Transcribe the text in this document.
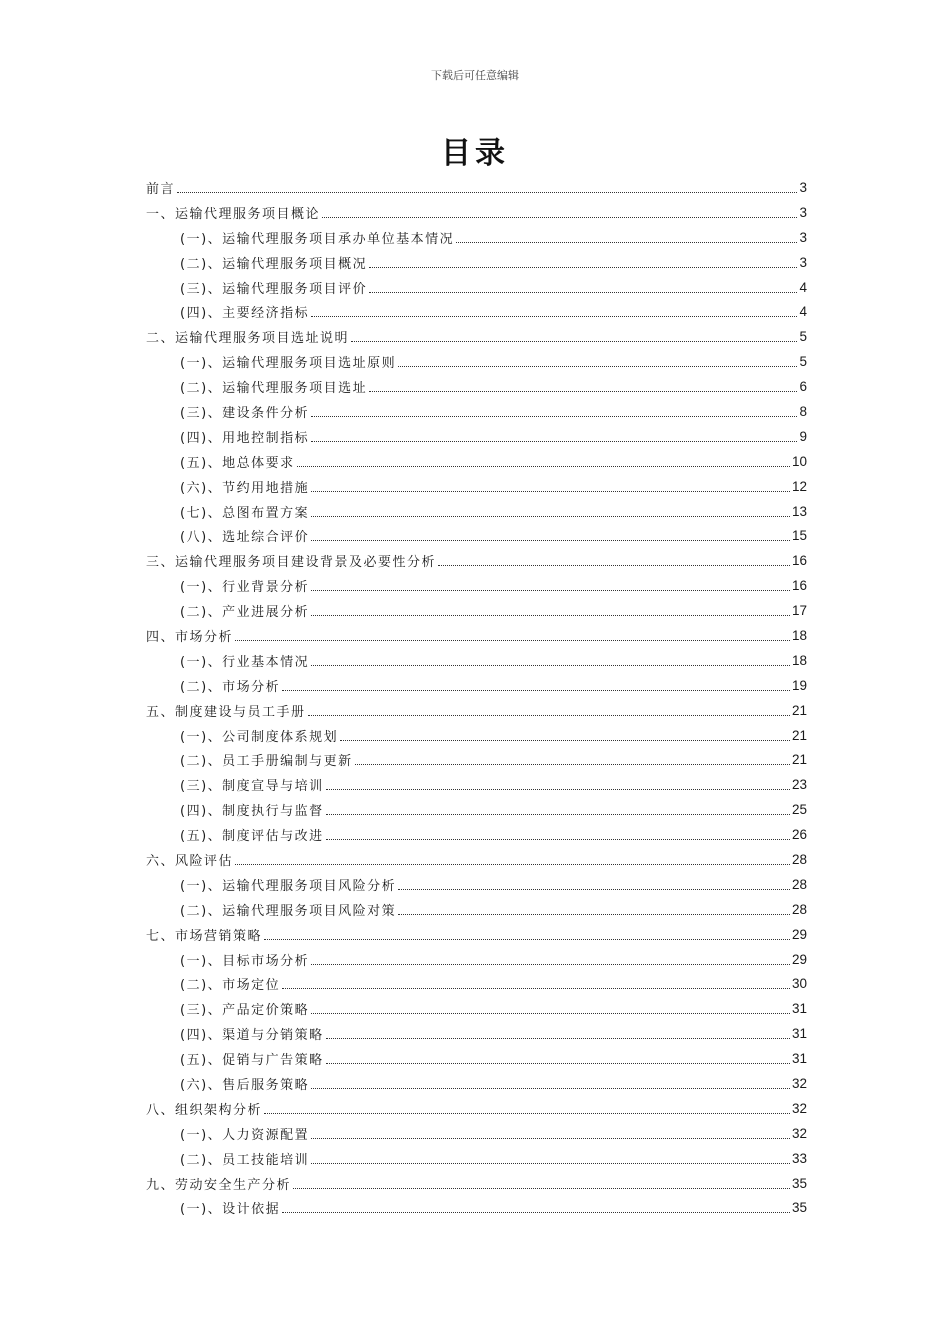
下载后可任意编辑
目录
前言	3
一、运输代理服务项目概论	3
(一)、运输代理服务项目承办单位基本情况	3
(二)、运输代理服务项目概况	3
(三)、运输代理服务项目评价	4
(四)、主要经济指标	4
二、运输代理服务项目选址说明	5
(一)、运输代理服务项目选址原则	5
(二)、运输代理服务项目选址	6
(三)、建设条件分析	8
(四)、用地控制指标	9
(五)、地总体要求	10
(六)、节约用地措施	12
(七)、总图布置方案	13
(八)、选址综合评价	15
三、运输代理服务项目建设背景及必要性分析	16
(一)、行业背景分析	16
(二)、产业进展分析	17
四、市场分析	18
(一)、行业基本情况	18
(二)、市场分析	19
五、制度建设与员工手册	21
(一)、公司制度体系规划	21
(二)、员工手册编制与更新	21
(三)、制度宣导与培训	23
(四)、制度执行与监督	25
(五)、制度评估与改进	26
六、风险评估	28
(一)、运输代理服务项目风险分析	28
(二)、运输代理服务项目风险对策	28
七、市场营销策略	29
(一)、目标市场分析	29
(二)、市场定位	30
(三)、产品定价策略	31
(四)、渠道与分销策略	31
(五)、促销与广告策略	31
(六)、售后服务策略	32
八、组织架构分析	32
(一)、人力资源配置	32
(二)、员工技能培训	33
九、劳动安全生产分析	35
(一)、设计依据	35
